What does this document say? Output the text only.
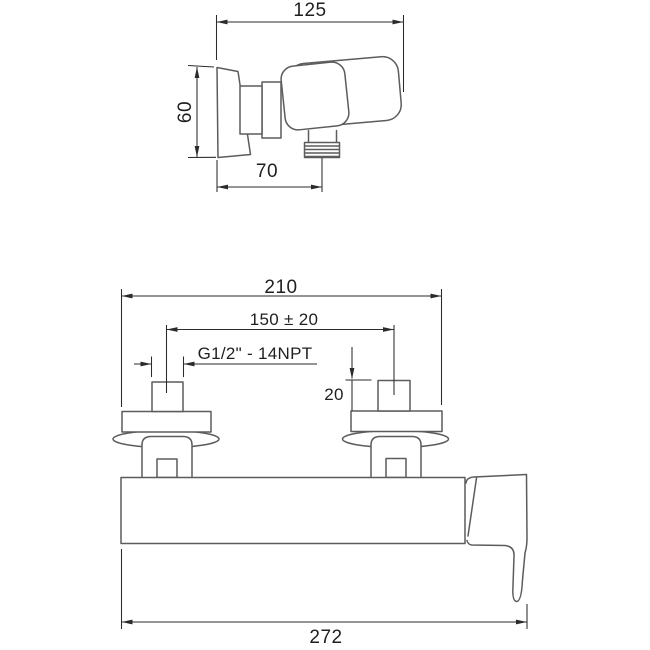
125
60
70
210
150 ± 20
G1/2" - 14NPT
20
272
